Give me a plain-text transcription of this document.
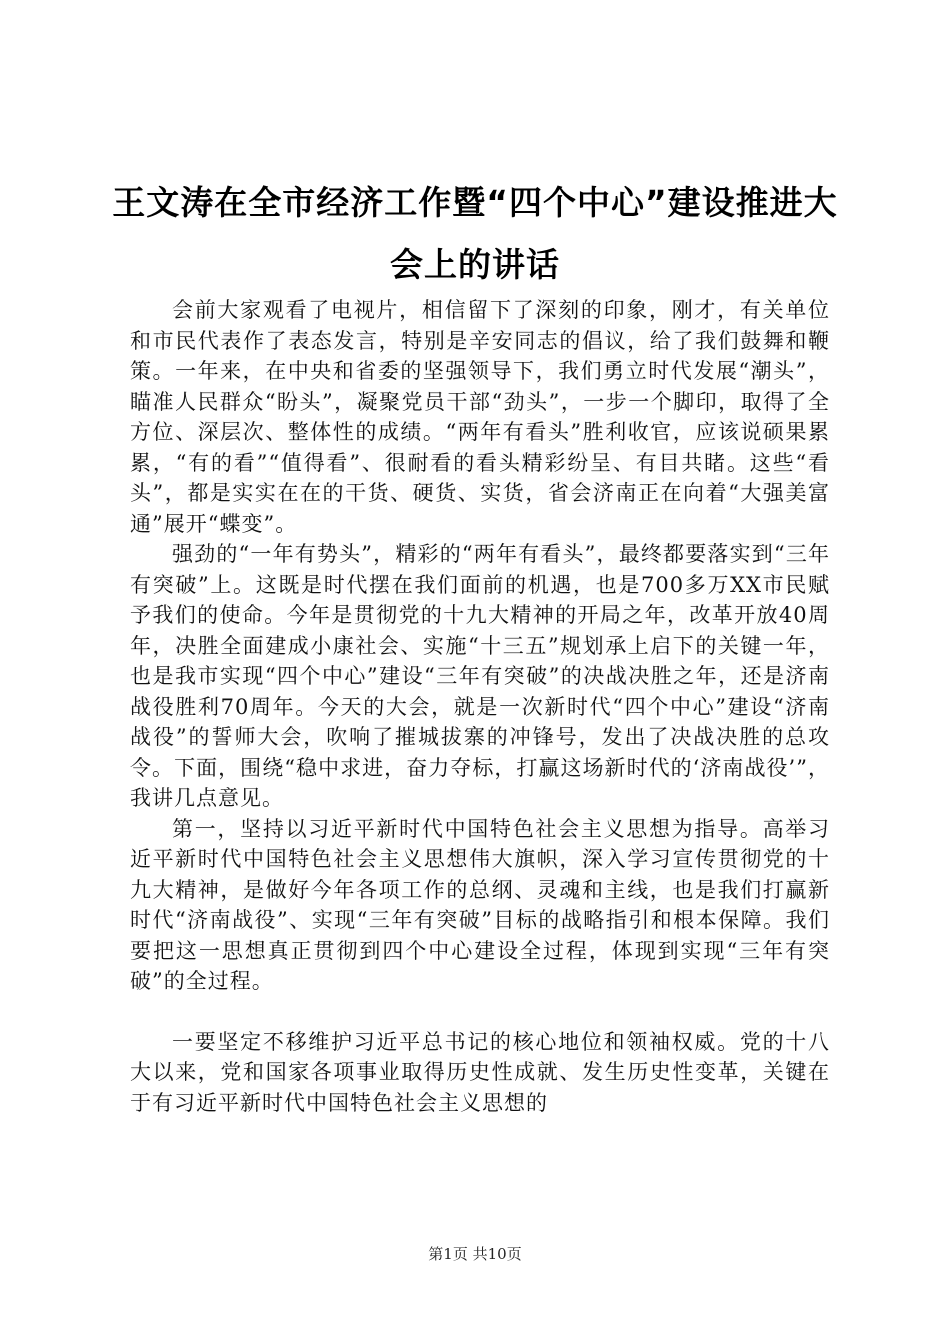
王文涛在全市经济工作暨“四个中心”建设推进大会上的讲话

会前大家观看了电视片，相信留下了深刻的印象，刚才，有关单位和市民代表作了表态发言，特别是辛安同志的倡议，给了我们鼓舞和鞭策。一年来，在中央和省委的坚强领导下，我们勇立时代发展“潮头”，瞄准人民群众“盼头”，凝聚党员干部“劲头”，一步一个脚印，取得了全方位、深层次、整体性的成绩。“两年有看头”胜利收官，应该说硕果累累，“有的看”“值得看”、很耐看的看头精彩纷呈、有目共睹。这些“看头”，都是实实在在的干货、硬货、实货，省会济南正在向着“大强美富通”展开“蝶变”。

强劲的“一年有势头”，精彩的“两年有看头”，最终都要落实到“三年有突破”上。这既是时代摆在我们面前的机遇，也是700多万XX市民赋予我们的使命。今年是贯彻党的十九大精神的开局之年，改革开放40周年，决胜全面建成小康社会、实施“十三五”规划承上启下的关键一年，也是我市实现“四个中心”建设“三年有突破”的决战决胜之年，还是济南战役胜利70周年。今天的大会，就是一次新时代“四个中心”建设“济南战役”的誓师大会，吹响了摧城拔寨的冲锋号，发出了决战决胜的总攻令。下面，围绕“稳中求进，奋力夺标，打赢这场新时代的‘济南战役’”，我讲几点意见。

第一，坚持以习近平新时代中国特色社会主义思想为指导。高举习近平新时代中国特色社会主义思想伟大旗帜，深入学习宣传贯彻党的十九大精神，是做好今年各项工作的总纲、灵魂和主线，也是我们打赢新时代“济南战役”、实现“三年有突破”目标的战略指引和根本保障。我们要把这一思想真正贯彻到四个中心建设全过程，体现到实现“三年有突破”的全过程。

一要坚定不移维护习近平总书记的核心地位和领袖权威。党的十八大以来，党和国家各项事业取得历史性成就、发生历史性变革，关键在于有习近平新时代中国特色社会主义思想的

第1页 共10页
